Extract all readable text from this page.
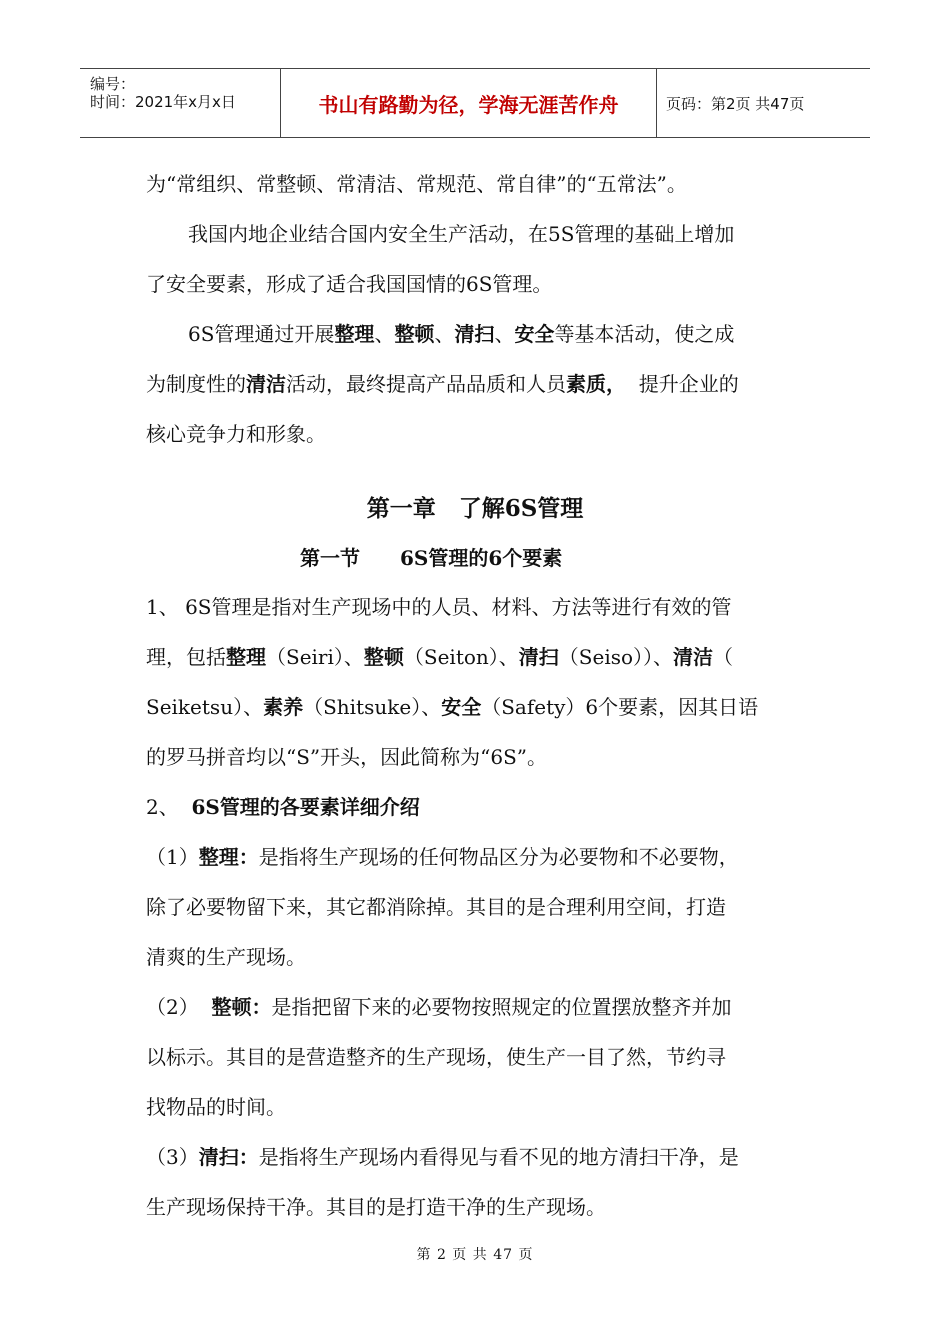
编号：
时间：2021年x月x日	书山有路勤为径，学海无涯苦作舟	页码：第2页 共47页

为“常组织、常整顿、常清洁、常规范、常自律”的“五常法”。

我国内地企业结合国内安全生产活动，在5S管理的基础上增加

了安全要素，形成了适合我国国情的6S管理。

6S管理通过开展整理、整顿、清扫、安全等基本活动，使之成

为制度性的清洁活动，最终提高产品品质和人员素质，  提升企业的

核心竞争力和形象。

第一章　了解6S管理
第一节　　6S管理的6个要素

1、 6S管理是指对生产现场中的人员、材料、方法等进行有效的管

理，包括整理（Seiri）、整顿（Seiton）、清扫（Seiso））、清洁（

Seiketsu）、素养（Shitsuke）、安全（Safety）6个要素，因其日语

的罗马拼音均以“S”开头，因此简称为“6S”。

2、  6S管理的各要素详细介绍

（1）整理：是指将生产现场的任何物品区分为必要物和不必要物，

除了必要物留下来，其它都消除掉。其目的是合理利用空间，打造

清爽的生产现场。

（2）  整顿：是指把留下来的必要物按照规定的位置摆放整齐并加

以标示。其目的是营造整齐的生产现场，使生产一目了然，节约寻

找物品的时间。

（3）清扫：是指将生产现场内看得见与看不见的地方清扫干净，是

生产现场保持干净。其目的是打造干净的生产现场。

第 2 页 共 47 页
